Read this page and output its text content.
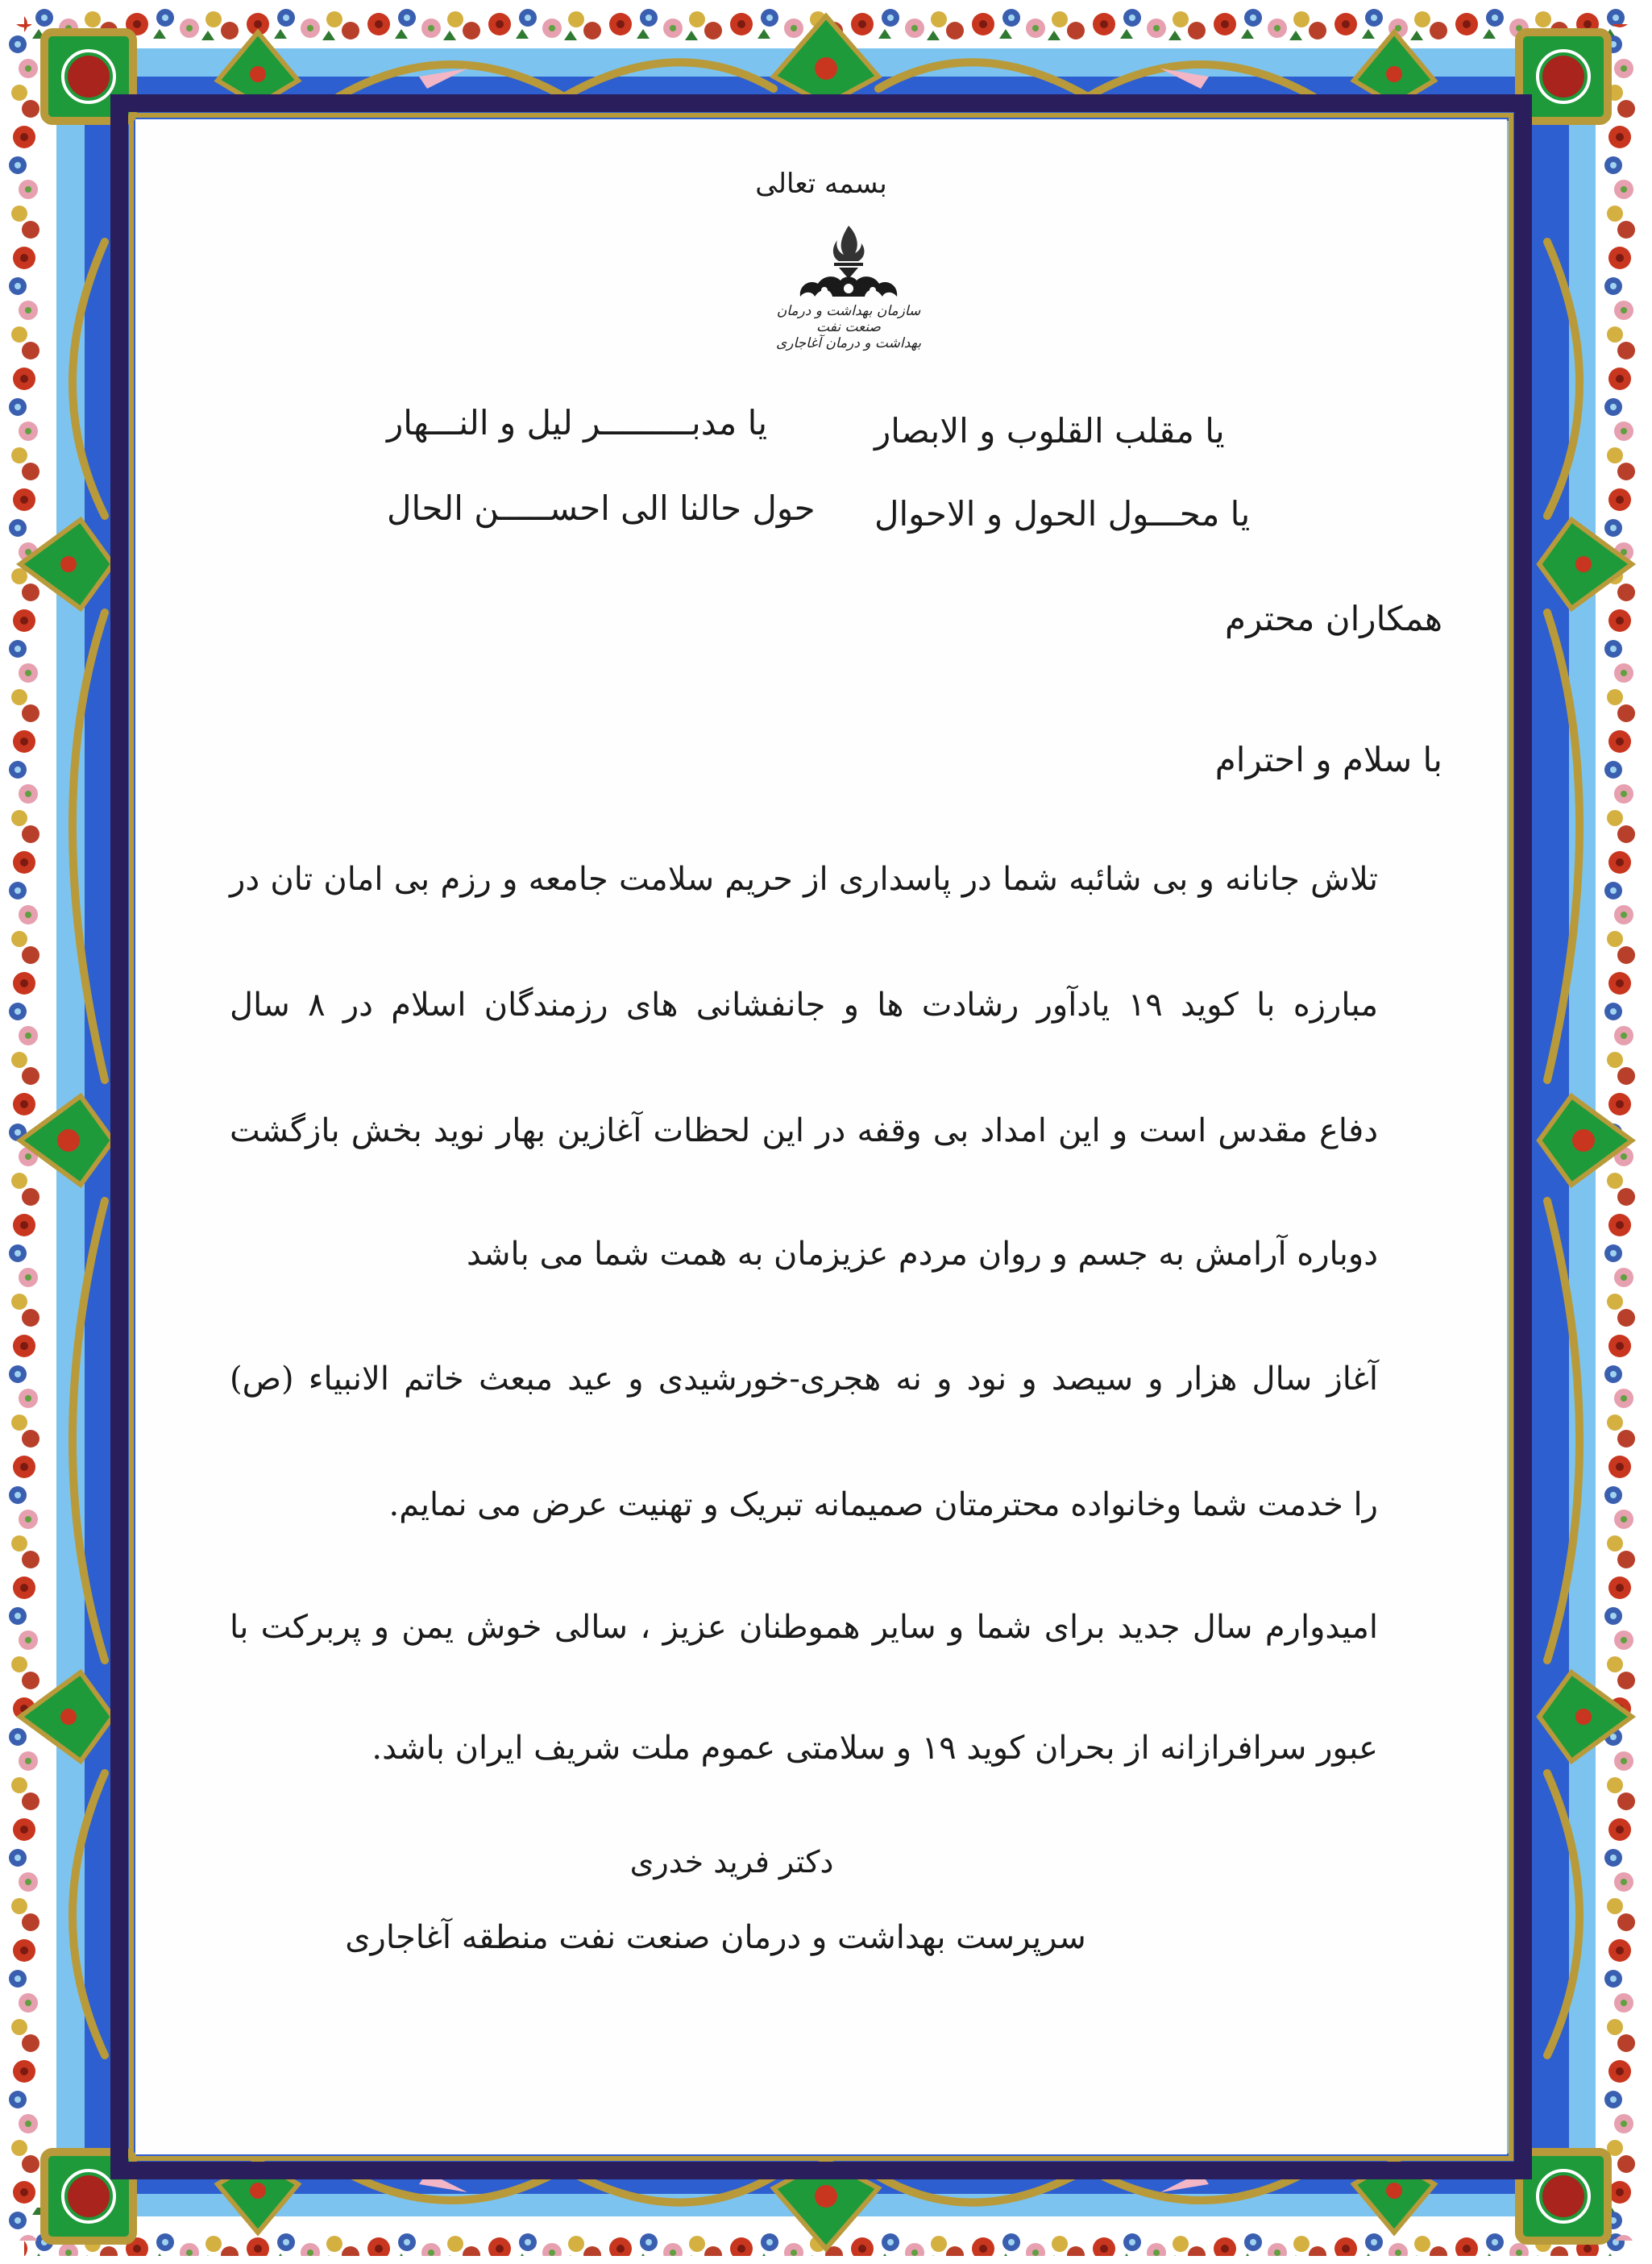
بسمه تعالی
سازمان بهداشت و درمان صنعت نفت
بهداشت و درمان آغاجاری
یا مقلب القلوب و الابصار
یا مدبـــــــــر لیل و النـــهار
یا محـــول الحول و الاحوال
حول حالنا الی احســـــن الحال
همکاران محترم
با سلام و احترام
تلاش جانانه و بی شائبه شما در پاسداری از حریم سلامت جامعه و رزم بی امان تان در
مبارزه با کوید ۱۹ یادآور رشادت ها و جانفشانی های رزمندگان اسلام در ۸ سال
دفاع مقدس است و این امداد بی وقفه در این لحظات آغازین بهار نوید بخش بازگشت
دوباره آرامش به جسم و روان مردم عزیزمان به همت شما می باشد
آغاز سال هزار و سیصد و نود و نه هجری-خورشیدی و عید مبعث خاتم الانبیاء (ص)
را خدمت شما وخانواده محترمتان صمیمانه تبریک و تهنیت عرض می نمایم.
امیدوارم سال جدید برای شما و سایر هموطنان عزیز ، سالی خوش یمن و پربرکت با
عبور سرافرازانه از بحران کوید ۱۹ و سلامتی عموم ملت شریف ایران باشد.
دکتر فرید خدری
سرپرست بهداشت و درمان صنعت نفت منطقه آغاجاری
